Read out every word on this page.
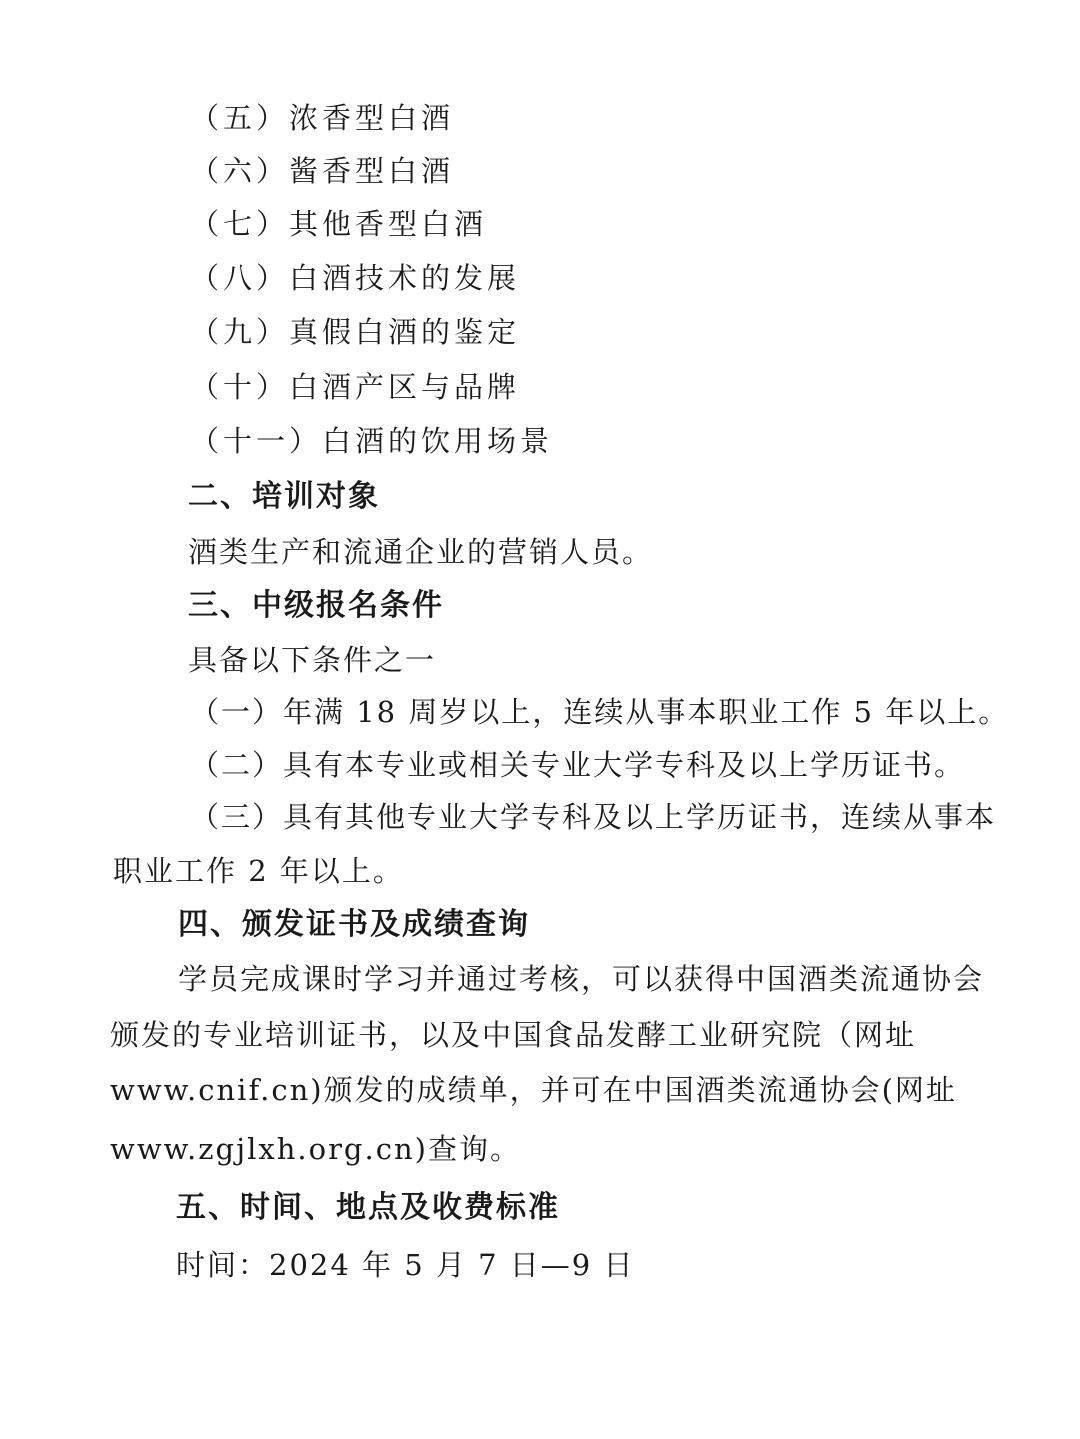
（五）浓香型白酒
（六）酱香型白酒
（七）其他香型白酒
（八）白酒技术的发展
（九）真假白酒的鉴定
（十）白酒产区与品牌
（十一）白酒的饮用场景
二、培训对象
酒类生产和流通企业的营销人员。
三、中级报名条件
具备以下条件之一
（一）年满 18 周岁以上，连续从事本职业工作 5 年以上。
（二）具有本专业或相关专业大学专科及以上学历证书。
（三）具有其他专业大学专科及以上学历证书，连续从事本
职业工作 2 年以上。
四、颁发证书及成绩查询
学员完成课时学习并通过考核，可以获得中国酒类流通协会
颁发的专业培训证书，以及中国食品发酵工业研究院（网址
www.cnif.cn)颁发的成绩单，并可在中国酒类流通协会(网址
www.zgjlxh.org.cn)查询。
五、时间、地点及收费标准
时间：2024 年 5 月 7 日—9 日
